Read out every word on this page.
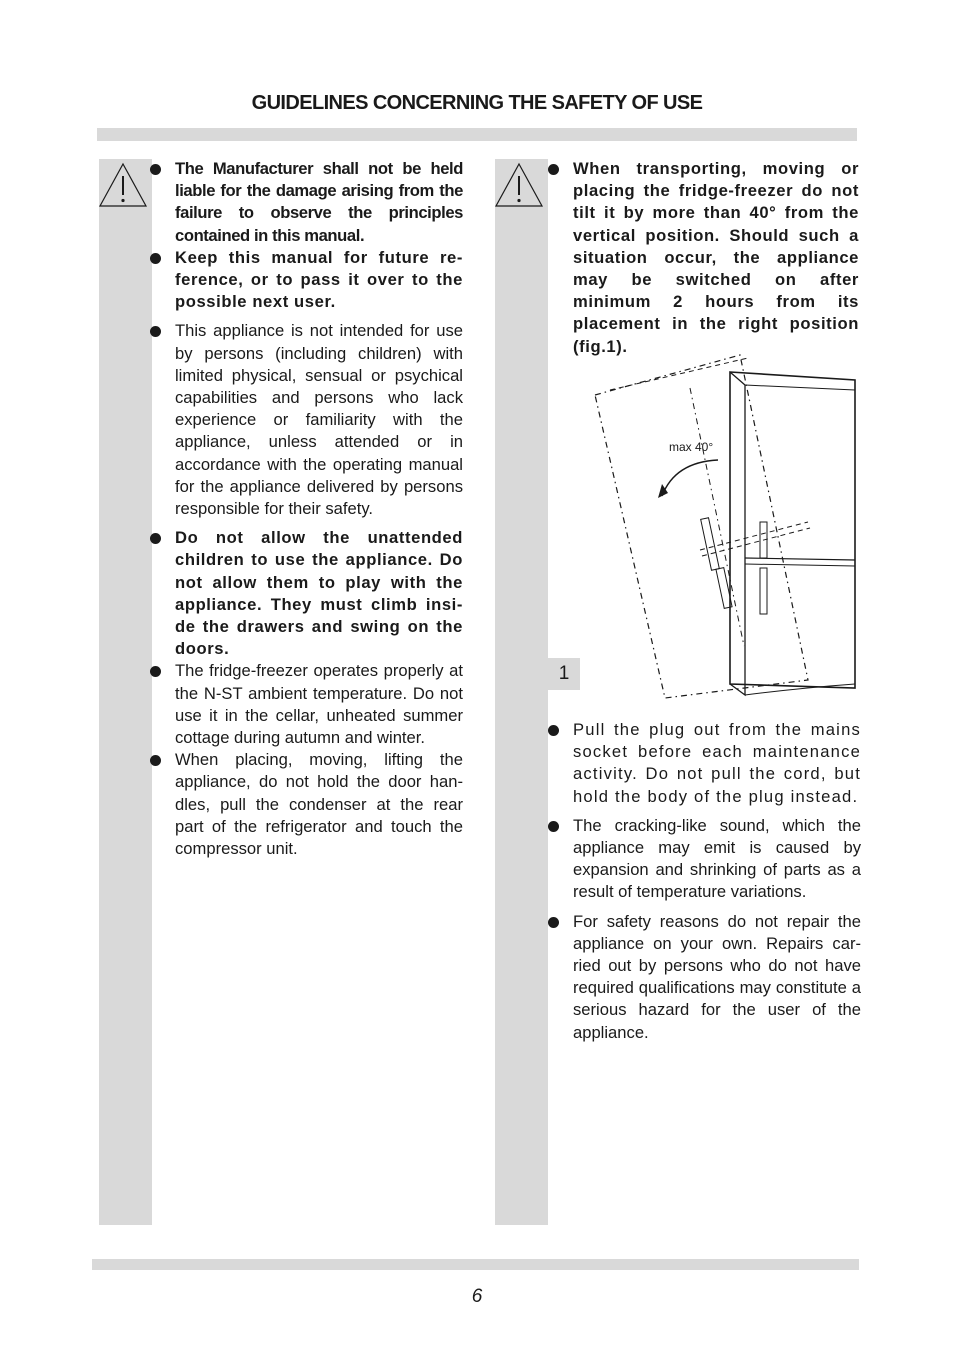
GUIDELINES CONCERNING THE SAFETY OF USE
The Manufacturer shall not be held liable for the damage arising from the failure to observe the principles contained in this manual.
Keep this manual for future re-ference, or to pass it over to the possible next user.
This appliance is not intended for use by persons (including children) with limited physical, sensual or psychical capabilities and persons who lack experience or familiarity with the appliance, unless attended or in accordance with the operating manual for the appliance delivered by persons responsible for their safety.
Do not allow the unattended children to use the appliance. Do not allow them to play with the appliance. They must climb insi-de the drawers and swing on the doors.
The fridge-freezer operates properly at the N-ST ambient temperature. Do not use it in the cellar, unheated summer cottage during autumn and winter.
When placing, moving, lifting the appliance, do not hold the door han-dles, pull the condenser at the rear part of the refrigerator and touch the compressor unit.
When transporting, moving or placing the fridge-freezer do not tilt it by more than 40° from the vertical position. Should such a situation occur, the appliance may be switched on after minimum 2 hours from its placement in the right position (fig.1).
max 40°
1
Pull the plug out from the mains socket before each maintenance activity. Do not pull the cord, but hold the body of the plug instead.
The cracking-like sound, which the appliance may emit is caused by expansion and shrinking of parts as a result of temperature variations.
For safety reasons do not repair the appliance on your own. Repairs car-ried out by persons who do not have required qualifications may constitute a serious hazard for the user of the appliance.
6
